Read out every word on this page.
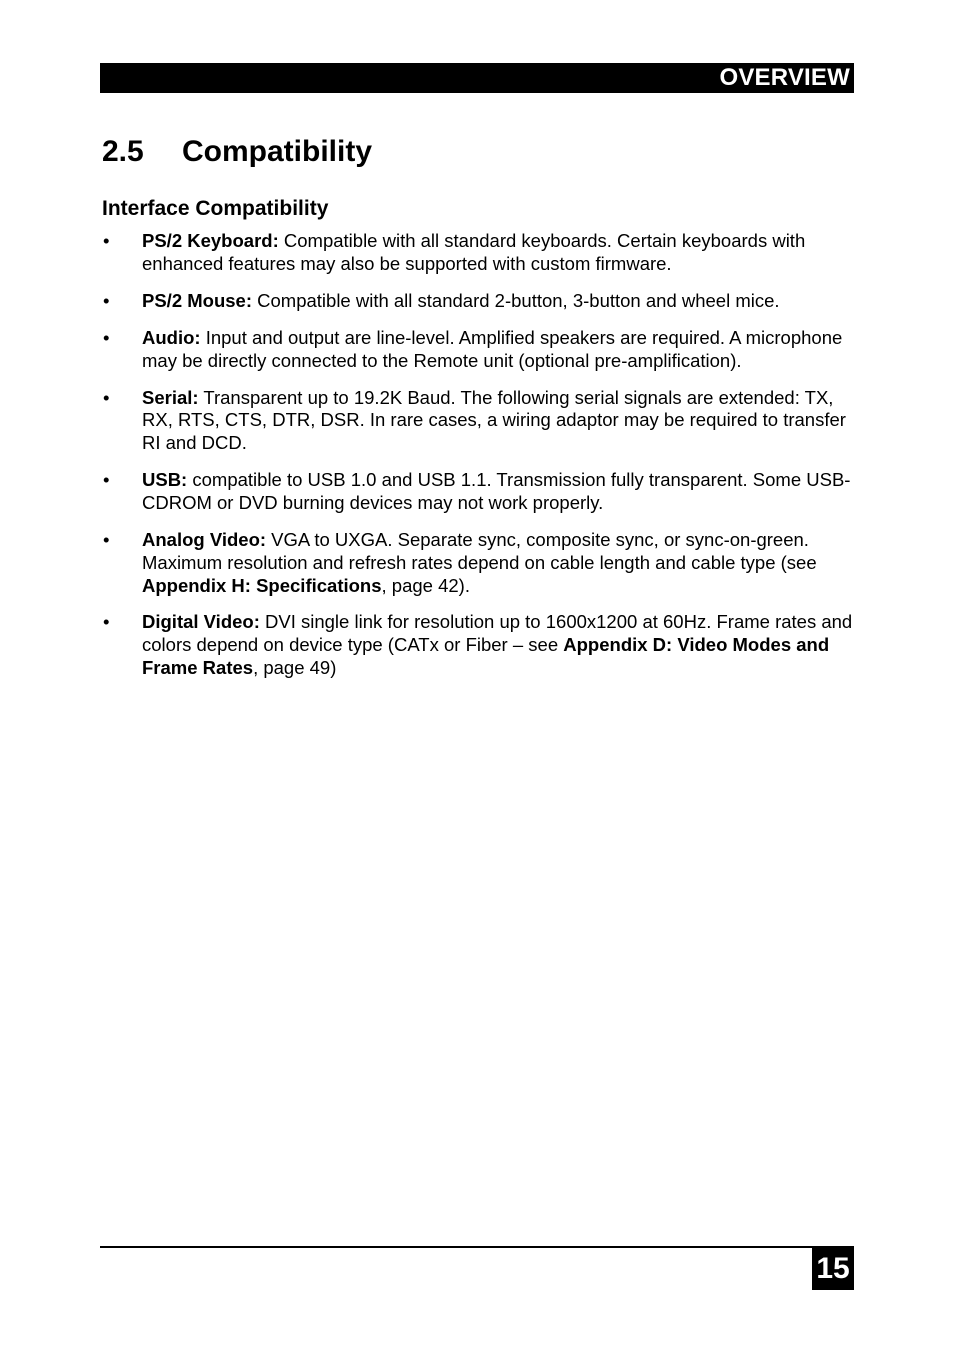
OVERVIEW
2.5 Compatibility
Interface Compatibility
• PS/2 Keyboard: Compatible with all standard keyboards. Certain keyboards with enhanced features may also be supported with custom firmware.
• PS/2 Mouse: Compatible with all standard 2-button, 3-button and wheel mice.
• Audio: Input and output are line-level. Amplified speakers are required. A microphone may be directly connected to the Remote unit (optional pre-amplification).
• Serial: Transparent up to 19.2K Baud. The following serial signals are extended: TX, RX, RTS, CTS, DTR, DSR. In rare cases, a wiring adaptor may be required to transfer RI and DCD.
• USB: compatible to USB 1.0 and USB 1.1. Transmission fully transparent. Some USB-CDROM or DVD burning devices may not work properly.
• Analog Video: VGA to UXGA. Separate sync, composite sync, or sync-on-green. Maximum resolution and refresh rates depend on cable length and cable type (see Appendix H: Specifications, page 42).
• Digital Video: DVI single link for resolution up to 1600x1200 at 60Hz. Frame rates and colors depend on device type (CATx or Fiber – see Appendix D: Video Modes and Frame Rates, page 49)
15
